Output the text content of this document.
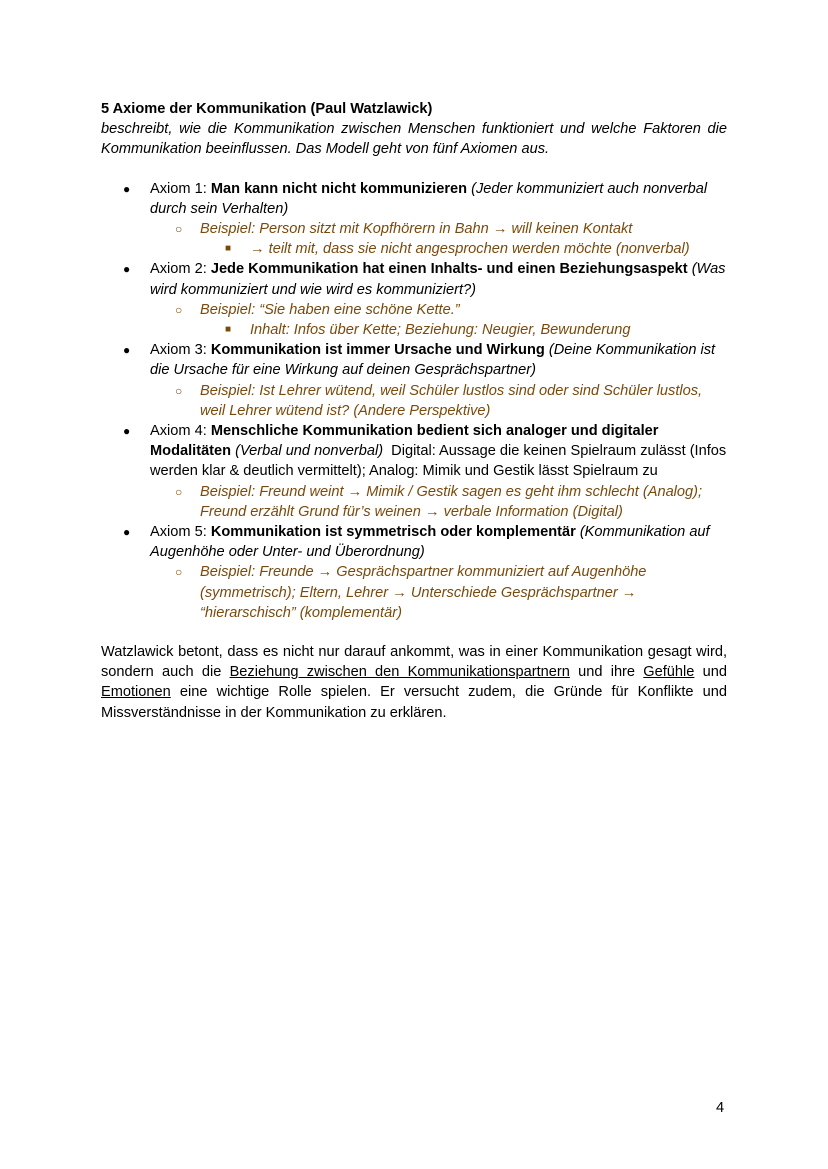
5 Axiome der Kommunikation (Paul Watzlawick)

beschreibt, wie die Kommunikation zwischen Menschen funktioniert und welche Faktoren die Kommunikation beeinflussen. Das Modell geht von fünf Axiomen aus.

● Axiom 1: Man kann nicht nicht kommunizieren (Jeder kommuniziert auch nonverbal durch sein Verhalten)
○ Beispiel: Person sitzt mit Kopfhörern in Bahn → will keinen Kontakt
■ → teilt mit, dass sie nicht angesprochen werden möchte (nonverbal)
● Axiom 2: Jede Kommunikation hat einen Inhalts- und einen Beziehungsaspekt (Was wird kommuniziert und wie wird es kommuniziert?)
○ Beispiel: “Sie haben eine schöne Kette.”
■ Inhalt: Infos über Kette; Beziehung: Neugier, Bewunderung
● Axiom 3: Kommunikation ist immer Ursache und Wirkung (Deine Kommunikation ist die Ursache für eine Wirkung auf deinen Gesprächspartner)
○ Beispiel: Ist Lehrer wütend, weil Schüler lustlos sind oder sind Schüler lustlos, weil Lehrer wütend ist? (Andere Perspektive)
● Axiom 4: Menschliche Kommunikation bedient sich analoger und digitaler Modalitäten (Verbal und nonverbal)  Digital: Aussage die keinen Spielraum zulässt (Infos werden klar & deutlich vermittelt); Analog: Mimik und Gestik lässt Spielraum zu
○ Beispiel: Freund weint → Mimik / Gestik sagen es geht ihm schlecht (Analog); Freund erzählt Grund für’s weinen → verbale Information (Digital)
● Axiom 5: Kommunikation ist symmetrisch oder komplementär (Kommunikation auf Augenhöhe oder Unter- und Überordnung)
○ Beispiel: Freunde → Gesprächspartner kommuniziert auf Augenhöhe (symmetrisch); Eltern, Lehrer → Unterschiede Gesprächspartner → “hierarschisch” (komplementär)

Watzlawick betont, dass es nicht nur darauf ankommt, was in einer Kommunikation gesagt wird, sondern auch die Beziehung zwischen den Kommunikationspartnern und ihre Gefühle und Emotionen eine wichtige Rolle spielen. Er versucht zudem, die Gründe für Konflikte und Missverständnisse in der Kommunikation zu erklären.

4
